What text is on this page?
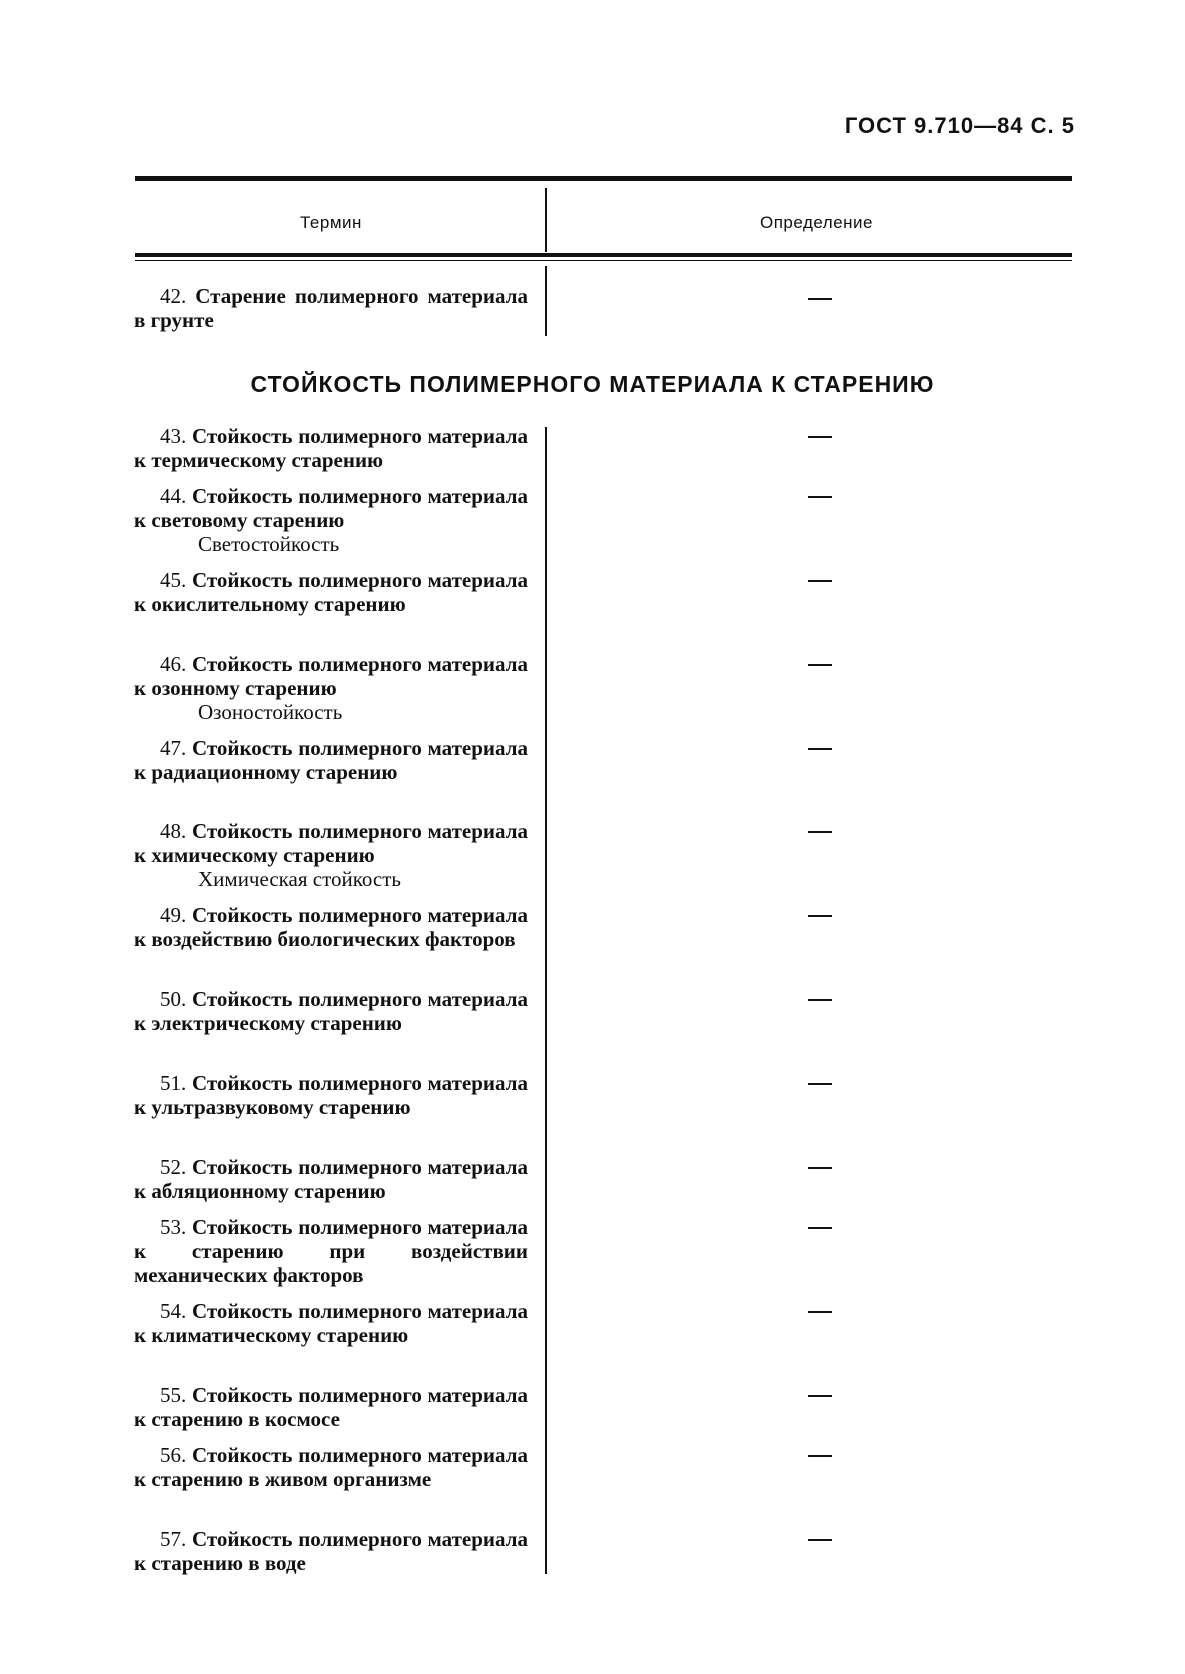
ГОСТ 9.710—84 С. 5
Термин	Определение
42. Старение полимерного материала в грунте
СТОЙКОСТЬ ПОЛИМЕРНОГО МАТЕРИАЛА К СТАРЕНИЮ
43. Стойкость полимерного материала к термическому старению
44. Стойкость полимерного материала к световому старению
Светостойкость
45. Стойкость полимерного материала к окислительному старению
46. Стойкость полимерного материала к озонному старению
Озоностойкость
47. Стойкость полимерного материала к радиационному старению
48. Стойкость полимерного материала к химическому старению
Химическая стойкость
49. Стойкость полимерного материала к воздействию биологических факторов
50. Стойкость полимерного материала к электрическому старению
51. Стойкость полимерного материала к ультразвуковому старению
52. Стойкость полимерного материала к абляционному старению
53. Стойкость полимерного материала к старению при воздействии механических факторов
54. Стойкость полимерного материала к климатическому старению
55. Стойкость полимерного материала к старению в космосе
56. Стойкость полимерного материала к старению в живом организме
57. Стойкость полимерного материала к старению в воде
